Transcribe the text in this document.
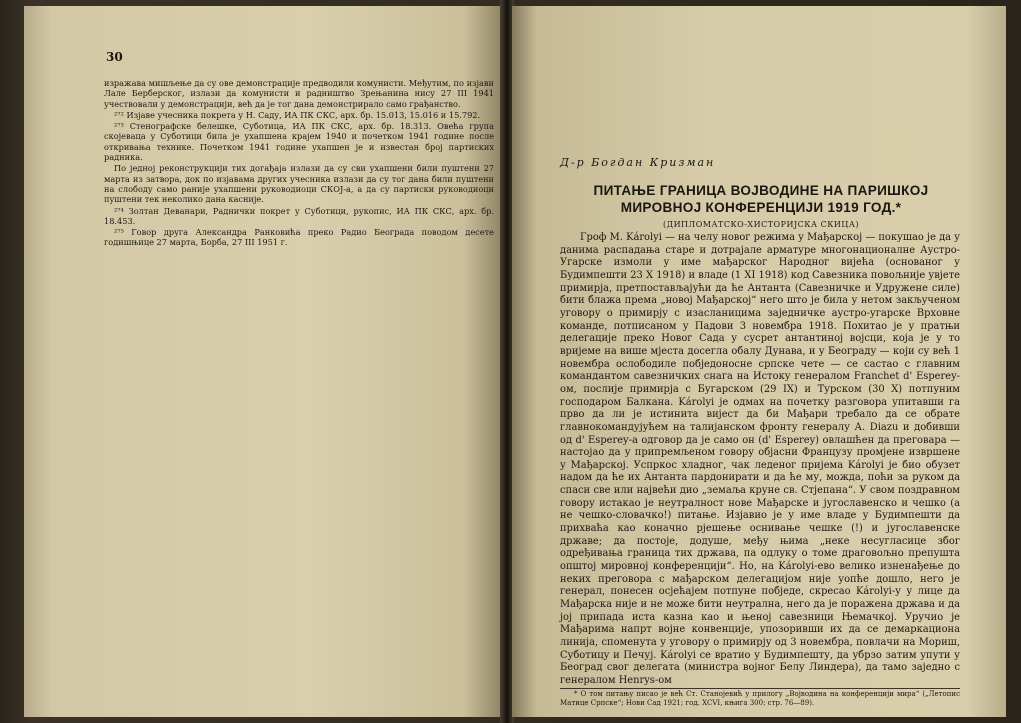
30

изражава мишљење да су ове демонстрације предводили комунисти. Међутим, по изјави Лале Берберског, излази да комунисти и радништво Зрењанина нису 27 III 1941 учествовали у демонстрацији, већ да је тог дана демонстрирало само грађанство.

²⁷² Изјаве учесника покрета у Н. Саду, ИА ПК СКС, арх. бр. 15.013, 15.016 и 15.792.

²⁷³ Стенографске белешке, Суботица, ИА ПК СКС, арх. бр. 18.313. Овећа група скојеваца у Суботици била је ухапшена крајем 1940 и почетком 1941 године после откривања технике. Почетком 1941 године ухапшен је и известан број партиских радника.

По једној реконструкцији тих догађаја излази да су сви ухапшени били пуштени 27 марта из затвора, док по изјавама других учесника излази да су тог дана били пуштени на слободу само раније ухапшени руководиоци СКОЈ-а, а да су партиски руководиоци пуштени тек неколико дана касније.

²⁷⁴ Золтан Деванари, Раднички покрет у Суботици, рукопис, ИА ПК СКС, арх. бр. 18.453.

²⁷⁵ Говор друга Александра Ранковића преко Радио Београда поводом десете годишњице 27 марта, Борба, 27 III 1951 г.

Д-р Богдан Кризман

ПИТАЊЕ ГРАНИЦА ВОЈВОДИНЕ НА ПАРИШКОЈ МИРОВНОЈ КОНФЕРЕНЦИЈИ 1919 ГОД.*

(ДИПЛОМАТСКО-ХИСТОРИЈСКА СКИЦА)

Гроф М. Károlyi — на челу новог режима у Мађарској — покушао је да у данима распадања старе и дотрајале арматуре многонационалне Аустро-Угарске измоли у име мађарског Народног вијећа (основаног у Будимпешти 23 X 1918) и владе (1 XI 1918) код Савезника повољније увјете примирја, претпостављајући да ће Антанта (Савезничке и Удружене силе) бити блажа према „новој Мађарској“ него што је била у нетом закљученом уговору о примирју с изасланицима заједничке аустро-угарске Врховне команде, потписаном у Падови 3 новембра 1918. Похитао је у пратњи делегације преко Новог Сада у сусрет антантиној војсци, која је у то вријеме на више мјеста досегла обалу Дунава, и у Београду — који су већ 1 новембра ослободиле побједоносне српске чете — се састао с главним командантом савезничких снага на Истоку генералом Franchet d' Esperey-ом, послије примирја с Бугарском (29 IX) и Турском (30 X) потпуним господаром Балкана. Károlyi је одмах на почетку разговора упитавши га прво да ли је истинита вијест да би Мађари требало да се обрате главнокомандујућем на талијанском фронту генералу А. Diazu и добивши од d' Esperey-а одговор да је само он (d' Esperey) овлашћен да преговара — настојао да у припремљеном говору објасни Французу промјене извршене у Мађарској. Успркос хладног, чак леденог пријема Károlyi је био обузет надом да ће их Антанта пардонирати и да ће му, можда, поћи за руком да спаси све или највећи дио „земаља круне св. Стјепана“. У свом поздравном говору истакао је неутралност нове Мађарске и југославенско и чешко (а не чешко-словачко!) питање. Изјавио је у име владе у Будимпешти да прихваћа као коначно рјешење оснивање чешке (!) и југославенске државе; да постоје, додуше, међу њима „неке несугласице због одређивања граница тих држава, па одлуку о томе драговољно препушта општој мировној конференцији“. Но, на Károlyi-ево велико изненађење до неких преговора с мађарском делегацијом није уопће дошло, него је генерал, понесен осјећајем потпуне побједе, скресао Károlyi-у у лице да Мађарска није и не може бити неутрална, него да је поражена држава и да јој припада иста казна као и њеној савезници Њемачкој. Уручио је Мађарима напрт војне конвенције, упозоривши их да се демаркациона линија, споменута у уговору о примирју од 3 новембра, повлачи на Мориш, Суботицу и Печуј. Károlyi се вратио у Будимпешту, да убрзо затим упути у Београд свог делегата (министра војног Белу Линдера), да тамо заједно с генералом Henrys-ом

* О том питању писао је већ Ст. Станојевић у прилогу „Војводина на конференцији мира“ („Летопис Матице Српске“; Нови Сад 1921; год. XCVI, књига 300; стр. 76—89).
